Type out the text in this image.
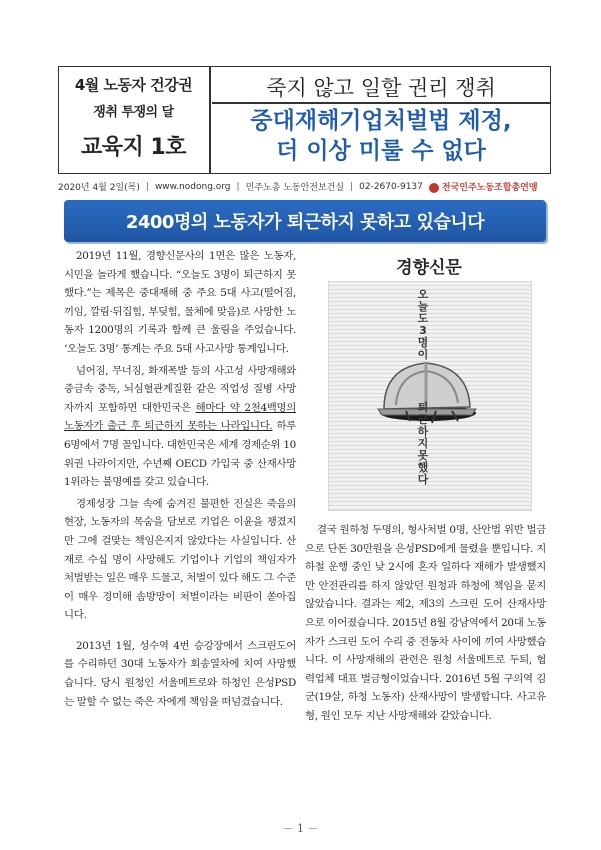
4월 노동자 건강권
쟁취 투쟁의 달
교육지 1호
죽지 않고 일할 권리 쟁취
중대재해기업처벌법 제정,
더 이상 미룰 수 없다
2020년 4월 2일(목) | www.nodong.org | 민주노총 노동안전보건실 | 02-2670-9137	전국민주노동조합총연맹
2400명의 노동자가 퇴근하지 못하고 있습니다

2019년 11월, 경향신문사의 1면은 많은 노동자, 시민을 놀라게 했습니다. “오늘도 3명이 퇴근하지 못했다.”는 제목은 중대재해 중 주요 5대 사고(떨어짐, 끼임, 깔림·뒤집힘, 부딪힘, 물체에 맞음)로 사망한 노동자 1200명의 기록과 함께 큰 울림을 주었습니다. ‘오늘도 3명’ 통계는 주요 5대 사고사망 통계입니다.

넘어짐, 무너짐, 화재폭발 등의 사고성 사망재해와 중금속 중독, 뇌심혈관계질환 같은 직업성 질병 사망자까지 포함하면 대한민국은 해마다 약 2천4백명의 노동자가 출근 후 퇴근하지 못하는 나라입니다. 하루 6명에서 7명 꼴입니다. 대한민국은 세계 경제순위 10위권 나라이지만, 수년째 OECD 가입국 중 산재사망 1위라는 불명예를 갖고 있습니다.

경제성장 그늘 속에 숨겨진 불편한 진실은 죽음의 현장, 노동자의 목숨을 담보로 기업은 이윤을 챙겼지만 그에 걸맞는 책임은지지 않았다는 사실입니다. 산재로 수십 명이 사망해도 기업이나 기업의 책임자가 처벌받는 일은 매우 드물고, 처벌이 있다 해도 그 수준이 매우 경미해 솜방망이 처벌이라는 비판이 쏟아집니다.

2013년 1월, 성수역 4번 승강장에서 스크린도어를 수리하던 30대 노동자가 회송열차에 치여 사망했습니다. 당시 원청인 서울메트로와 하청인 은성PSD는 말할 수 없는 죽은 자에게 책임을 떠넘겼습니다.

경향신문
오늘도 3명이
퇴근하지 못했다

결국 원하청 두명의, 형사처벌 0명, 산안법 위반 벌금으로 단돈 30만원을 은성PSD에게 물렸을 뿐입니다. 지하철 운행 중인 낮 2시에 혼자 일하다 재해가 발생했지만 안전관리를 하지 않았던 원청과 하청에 책임을 묻지 않았습니다. 결과는 제2, 제3의 스크린 도어 산재사망으로 이어졌습니다. 2015년 8월 강남역에서 20대 노동자가 스크린 도어 수리 중 전동차 사이에 끼여 사망했습니다. 이 사망재해의 관련은 원청 서울메트로 두퇴, 협력업체 대표 벌금형이었습니다. 2016년 5월 구의역 김군(19살, 하청 노동자) 산재사망이 발생합니다. 사고유형, 원인 모두 지난 사망재해와 같았습니다.

－ 1 －
